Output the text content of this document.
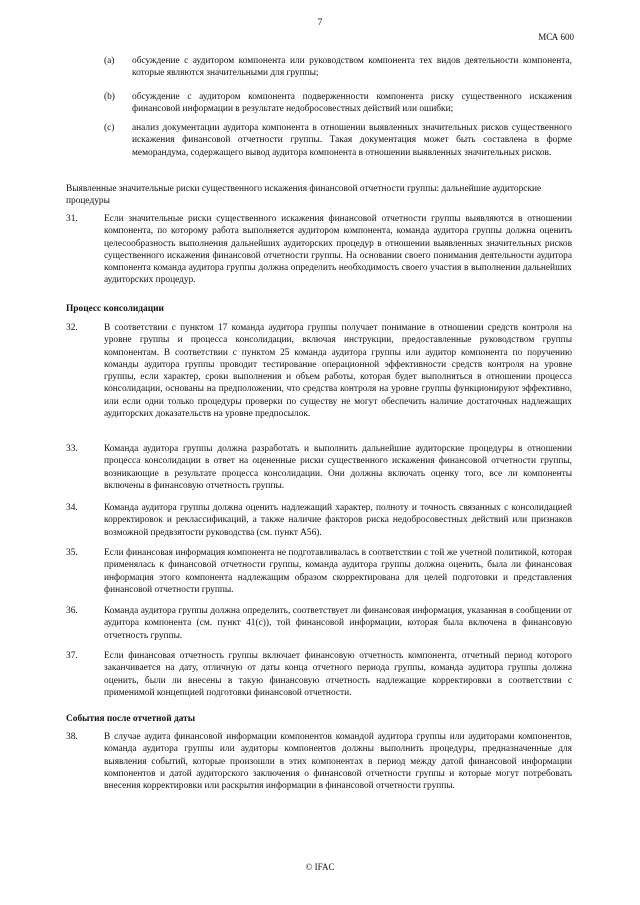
7
МСА 600
(a) обсуждение с аудитором компонента или руководством компонента тех видов деятельности компонента, которые являются значительными для группы;
(b) обсуждение с аудитором компонента подверженности компонента риску существенного искажения финансовой информации в результате недобросовестных действий или ошибки;
(c) анализ документации аудитора компонента в отношении выявленных значительных рисков существенного искажения финансовой отчетности группы. Такая документация может быть составлена в форме меморандума, содержащего вывод аудитора компонента в отношении выявленных значительных рисков.
Выявленные значительные риски существенного искажения финансовой отчетности группы: дальнейшие аудиторские процедуры
31.	Если значительные риски существенного искажения финансовой отчетности группы выявляются в отношении компонента, по которому работа выполняется аудитором компонента, команда аудитора группы должна оценить целесообразность выполнения дальнейших аудиторских процедур в отношении выявленных значительных рисков существенного искажения финансовой отчетности группы. На основании своего понимания деятельности аудитора компонента команда аудитора группы должна определить необходимость своего участия в выполнении дальнейших аудиторских процедур.
Процесс консолидации
32.	В соответствии с пунктом 17 команда аудитора группы получает понимание в отношении средств контроля на уровне группы и процесса консолидации, включая инструкции, предоставленные руководством группы компонентам. В соответствии с пунктом 25 команда аудитора группы или аудитор компонента по поручению команды аудитора группы проводит тестирование операционной эффективности средств контроля на уровне группы, если характер, сроки выполнения и объем работы, которая будет выполняться в отношении процесса консолидации, основаны на предположении, что средства контроля на уровне группы функционируют эффективно, или если одни только процедуры проверки по существу не могут обеспечить наличие достаточных надлежащих аудиторских доказательств на уровне предпосылок.
33.	Команда аудитора группы должна разработать и выполнить дальнейшие аудиторские процедуры в отношении процесса консолидации в ответ на оцененные риски существенного искажения финансовой отчетности группы, возникающие в результате процесса консолидации. Они должны включать оценку того, все ли компоненты включены в финансовую отчетность группы.
34.	Команда аудитора группы должна оценить надлежащий характер, полноту и точность связанных с консолидацией корректировок и реклассификаций, а также наличие факторов риска недобросовестных действий или признаков возможной предвзятости руководства (см. пункт А56).
35.	Если финансовая информация компонента не подготавливалась в соответствии с той же учетной политикой, которая применялась к финансовой отчетности группы, команда аудитора группы должна оценить, была ли финансовая информация этого компонента надлежащим образом скорректирована для целей подготовки и представления финансовой отчетности группы.
36.	Команда аудитора группы должна определить, соответствует ли финансовая информация, указанная в сообщении от аудитора компонента (см. пункт 41(c)), той финансовой информации, которая была включена в финансовую отчетность группы.
37.	Если финансовая отчетность группы включает финансовую отчетность компонента, отчетный период которого заканчивается на дату, отличную от даты конца отчетного периода группы, команда аудитора группы должна оценить, были ли внесены в такую финансовую отчетность надлежащие корректировки в соответствии с применимой концепцией подготовки финансовой отчетности.
События после отчетной даты
38.	В случае аудита финансовой информации компонентов командой аудитора группы или аудиторами компонентов, команда аудитора группы или аудиторы компонентов должны выполнить процедуры, предназначенные для выявления событий, которые произошли в этих компонентах в период между датой финансовой информации компонентов и датой аудиторского заключения о финансовой отчетности группы и которые могут потребовать внесения корректировки или раскрытия информации в финансовой отчетности группы.
© IFAC
